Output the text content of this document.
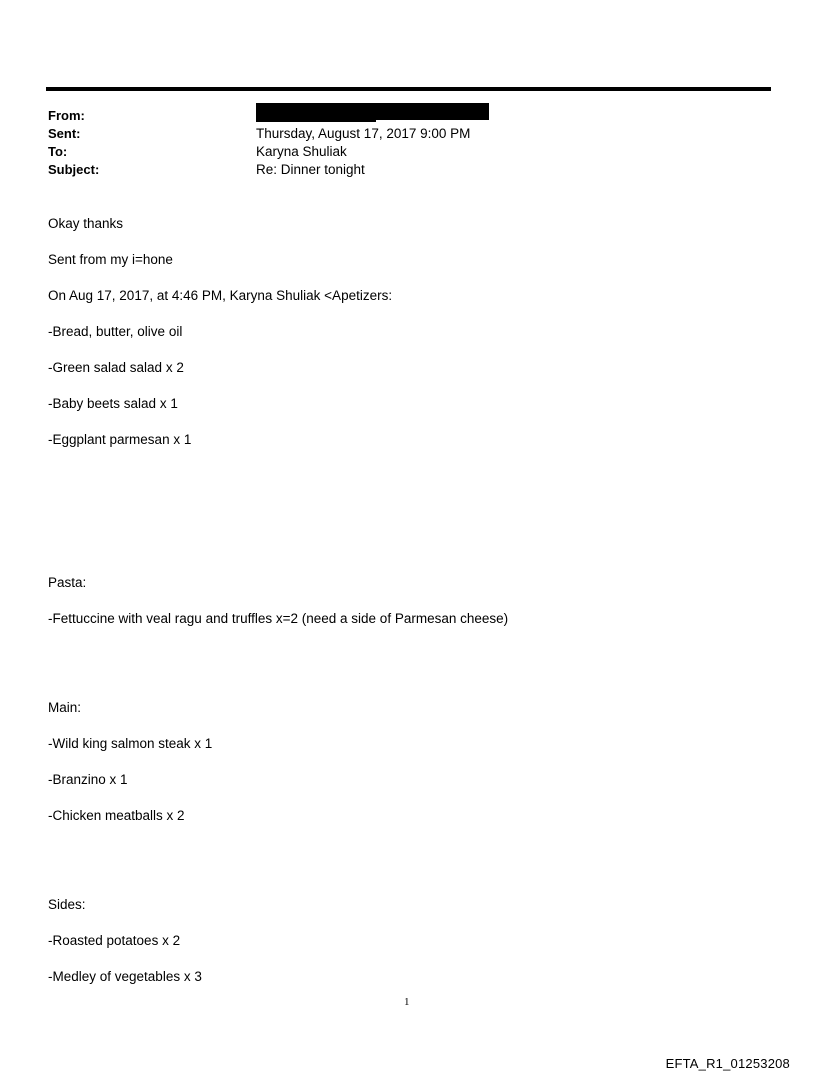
From:
Sent:	Thursday, August 17, 2017 9:00 PM
To:	Karyna Shuliak
Subject:	Re: Dinner tonight
Okay thanks
Sent from my i=hone
On Aug 17, 2017, at 4:46 PM, Karyna Shuliak <Apetizers:
-Bread, butter, olive oil
-Green salad salad x 2
-Baby beets salad x 1
-Eggplant parmesan x 1
Pasta:
-Fettuccine with veal ragu and truffles x=2 (need a side of Parmesan cheese)
Main:
-Wild king salmon steak x 1
-Branzino x 1
-Chicken meatballs x 2
Sides:
-Roasted potatoes x 2
-Medley of vegetables x 3
1
EFTA_R1_01253208
